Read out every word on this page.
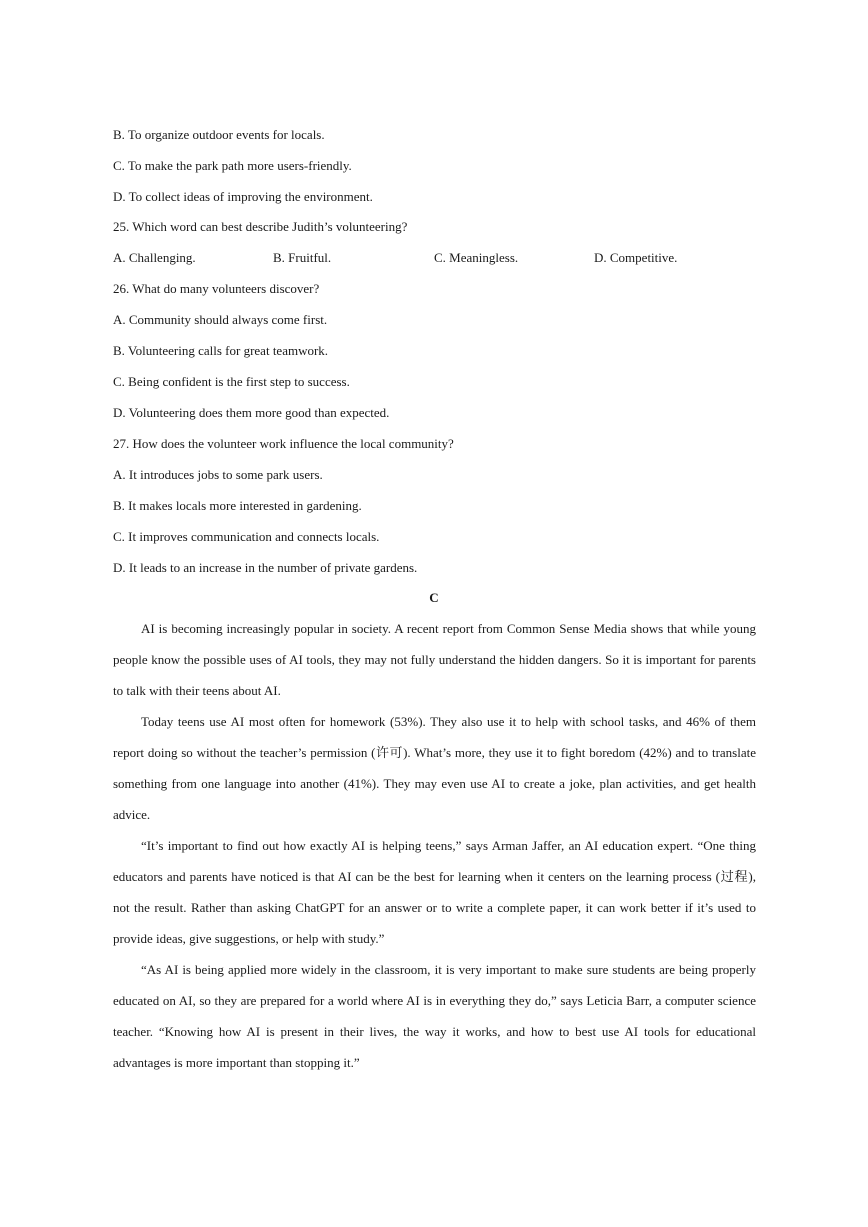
B. To organize outdoor events for locals.
C. To make the park path more users-friendly.
D. To collect ideas of improving the environment.
25. Which word can best describe Judith’s volunteering?
A. Challenging.	B. Fruitful.	C. Meaningless.	D. Competitive.
26. What do many volunteers discover?
A. Community should always come first.
B. Volunteering calls for great teamwork.
C. Being confident is the first step to success.
D. Volunteering does them more good than expected.
27. How does the volunteer work influence the local community?
A. It introduces jobs to some park users.
B. It makes locals more interested in gardening.
C. It improves communication and connects locals.
D. It leads to an increase in the number of private gardens.
C

AI is becoming increasingly popular in society. A recent report from Common Sense Media shows that while young people know the possible uses of AI tools, they may not fully understand the hidden dangers. So it is important for parents to talk with their teens about AI.

Today teens use AI most often for homework (53%). They also use it to help with school tasks, and 46% of them report doing so without the teacher’s permission (许可). What’s more, they use it to fight boredom (42%) and to translate something from one language into another (41%). They may even use AI to create a joke, plan activities, and get health advice.

“It’s important to find out how exactly AI is helping teens,” says Arman Jaffer, an AI education expert. “One thing educators and parents have noticed is that AI can be the best for learning when it centers on the learning process (过程), not the result. Rather than asking ChatGPT for an answer or to write a complete paper, it can work better if it’s used to provide ideas, give suggestions, or help with study.”

“As AI is being applied more widely in the classroom, it is very important to make sure students are being properly educated on AI, so they are prepared for a world where AI is in everything they do,” says Leticia Barr, a computer science teacher. “Knowing how AI is present in their lives, the way it works, and how to best use AI tools for educational advantages is more important than stopping it.”
